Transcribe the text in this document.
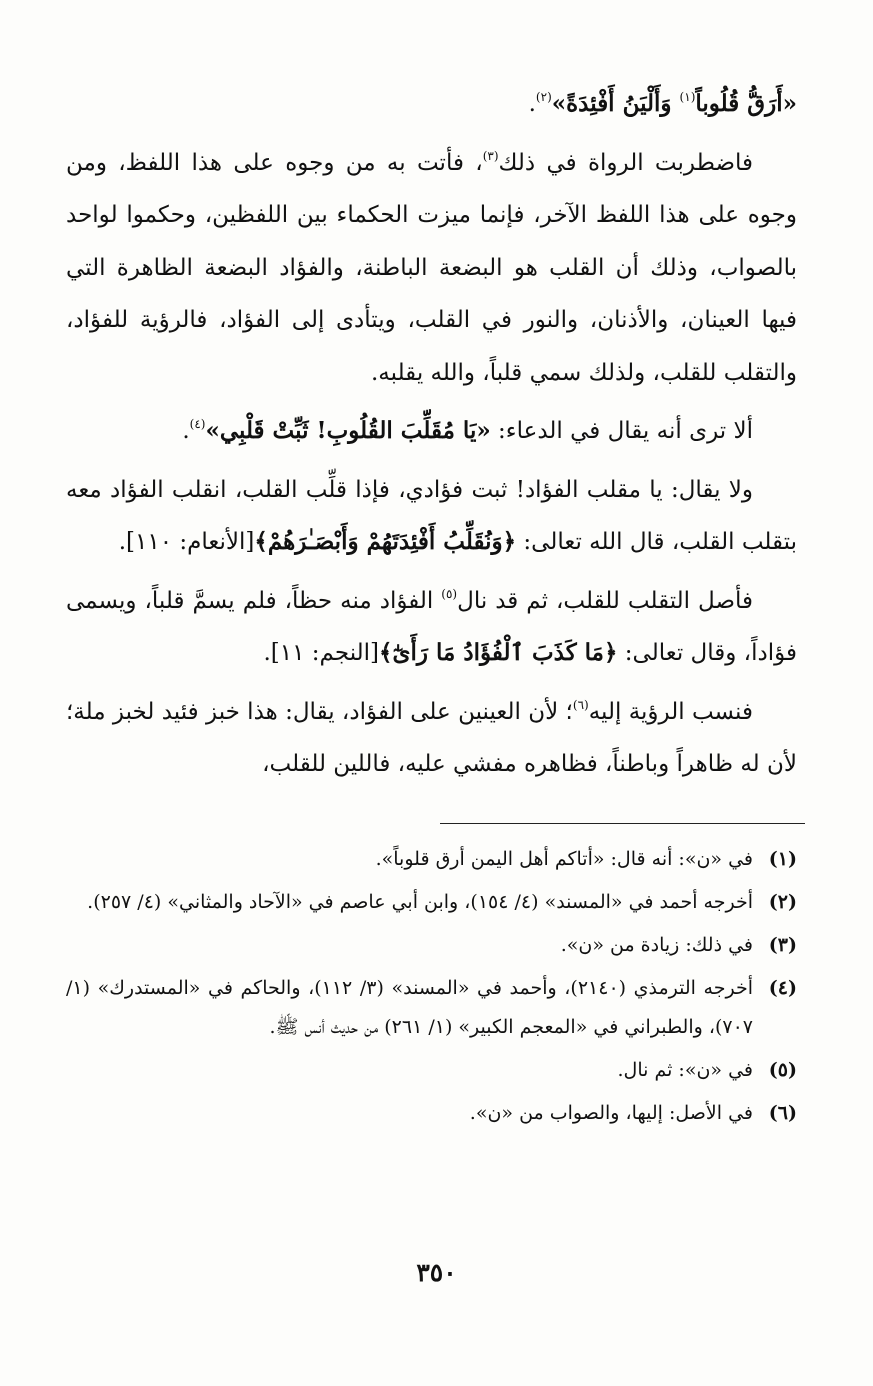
«أَرَقُّ قُلُوباً$^{(١)}$ وَأَلْيَنُ أَفْئِدَةً»$^{(٢)}$.

فاضطربت الرواة في ذلك$^{(٣)}$، فأتت به من وجوه على هذا اللفظ، ومن وجوه على هذا اللفظ الآخر، فإنما ميزت الحكماء بين اللفظين، وحكموا لواحد بالصواب، وذلك أن القلب هو البضعة الباطنة، والفؤاد البضعة الظاهرة التي فيها العينان، والأذنان، والنور في القلب، ويتأدى إلى الفؤاد، فالرؤية للفؤاد، والتقلب للقلب، ولذلك سمي قلباً، والله يقلبه.

ألا ترى أنه يقال في الدعاء: «يَا مُقَلِّبَ القُلُوبِ! ثَبِّتْ قَلْبِي»$^{(٤)}$.

ولا يقال: يا مقلب الفؤاد! ثبت فؤادي، فإذا قلِّب القلب، انقلب الفؤاد معه بتقلب القلب، قال الله تعالى: ﴿وَنُقَلِّبُ أَفْئِدَتَهُمْ وَأَبْصَـٰرَهُمْ﴾[الأنعام: ١١٠].

فأصل التقلب للقلب، ثم قد نال$^{(٥)}$ الفؤاد منه حظاً، فلم يسمَّ قلباً، ويسمى فؤاداً، وقال تعالى: ﴿مَا كَذَبَ ٱلْفُؤَادُ مَا رَأَىٰٓ﴾[النجم: ١١].

فنسب الرؤية إليه$^{(٦)}$؛ لأن العينين على الفؤاد، يقال: هذا خبز فئيد لخبز ملة؛ لأن له ظاهراً وباطناً، فظاهره مفشي عليه، فاللين للقلب،

(١)
في «ن»: أنه قال: «أتاكم أهل اليمن أرق قلوباً».
(٢)
أخرجه أحمد في «المسند» (٤/ ١٥٤)، وابن أبي عاصم في «الآحاد والمثاني» (٤/ ٢٥٧).
(٣)
في ذلك: زيادة من «ن».
(٤)
أخرجه الترمذي (٢١٤٠)، وأحمد في «المسند» (٣/ ١١٢)، والحاكم في «المستدرك» (١/ ٧٠٧)، والطبراني في «المعجم الكبير» (١/ ٢٦١) من حديث أنس ﷺ.
(٥)
في «ن»: ثم نال.
(٦)
في الأصل: إليها، والصواب من «ن».
٣٥٠
